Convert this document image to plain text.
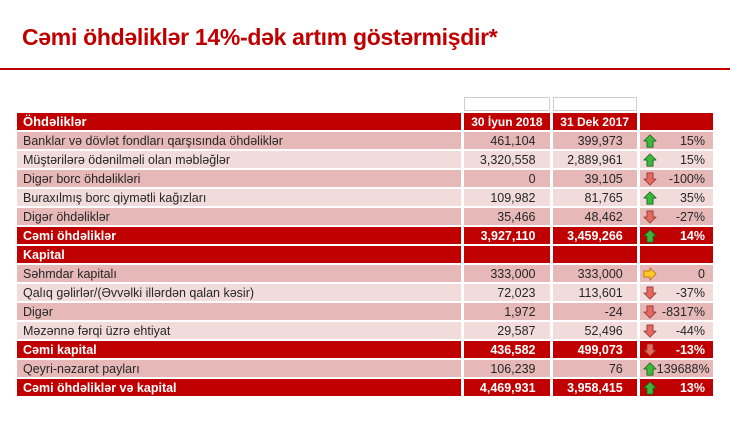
Cəmi öhdəliklər 14%-dək artım göstərmişdir*

Öhdəliklər	30 İyun 2018	31 Dek 2017	
Banklar və dövlət fondları qarşısında öhdəliklər	461,104	399,973	15%

Müştərilərə ödənilməli olan məbləğlər	3,320,558	2,889,961	15%

Digər borc öhdəlikləri	0	39,105	-100%

Buraxılmış borc qiymətli kağızları	109,982	81,765	35%

Digər öhdəliklər	35,466	48,462	-27%

Cəmi öhdəliklər	3,927,110	3,459,266	14%

Kapital			

Səhmdar kapitalı	333,000	333,000	0

Qalıq gəlirlər/(Əvvəlki illərdən qalan kəsir)	72,023	113,601	-37%

Digər	1,972	-24	-8317%

Məzənnə fərqi üzrə ehtiyat	29,587	52,496	-44%

Cəmi kapital	436,582	499,073	-13%

Qeyri-nəzarət payları	106,239	76	139688%

Cəmi öhdəliklər və kapital	4,469,931	3,958,415	13%
